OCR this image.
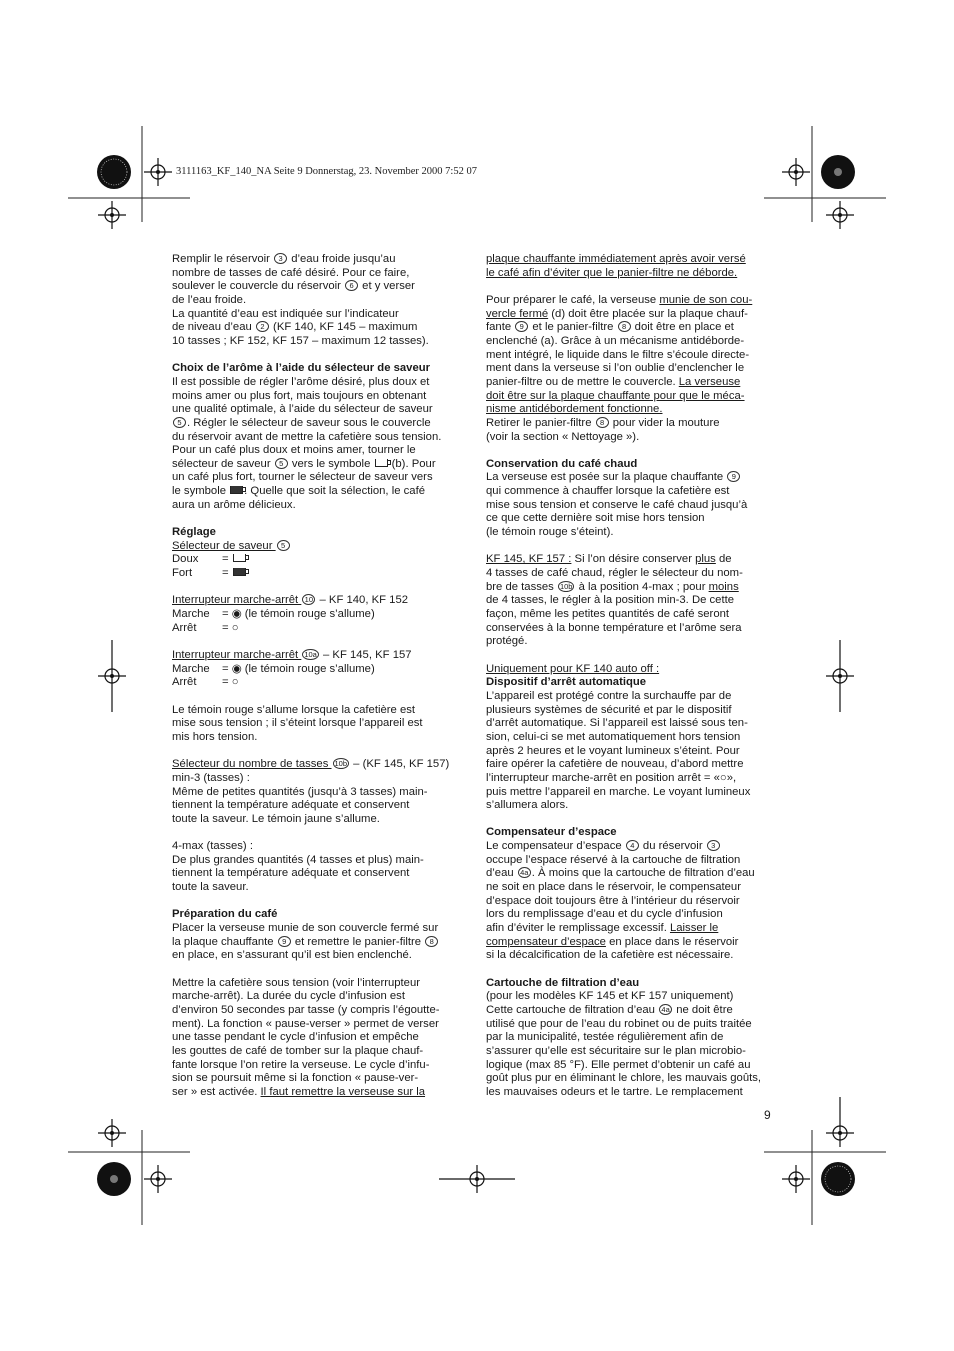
3111163_KF_140_NA Seite 9 Donnerstag, 23. November 2000 7:52 07

Remplir le réservoir 3 d’eau froide jusqu’au
nombre de tasses de café désiré. Pour ce faire,
soulever le couvercle du réservoir 6 et y verser
de l’eau froide.
La quantité d’eau est indiquée sur l’indicateur
de niveau d’eau 2 (KF 140, KF 145 – maximum
10 tasses ; KF 152, KF 157 – maximum 12 tasses).

Choix de l’arôme à l’aide du sélecteur de saveur
Il est possible de régler l’arôme désiré, plus doux et
moins amer ou plus fort, mais toujours en obtenant
une qualité optimale, à l’aide du sélecteur de saveur
5 . Régler le sélecteur de saveur sous le couvercle
du réservoir avant de mettre la cafetière sous tension.
Pour un café plus doux et moins amer, tourner le
sélecteur de saveur 5 vers le symbole  (b). Pour
un café plus fort, tourner le sélecteur de saveur vers
le symbole . Quelle que soit la sélection, le café
aura un arôme délicieux.

Réglage
Sélecteur de saveur 5
Doux =
Fort	=

Interrupteur marche-arrêt 10 – KF 140, KF 152
Marche = ◉ (le témoin rouge s’allume)
Arrêt = ○

Interrupteur marche-arrêt 10a – KF 145, KF 157
Marche = ◉ (le témoin rouge s’allume)
Arrêt = ○

Le témoin rouge s’allume lorsque la cafetière est
mise sous tension ; il s’éteint lorsque l’appareil est
mis hors tension.

Sélecteur du nombre de tasses 10b – (KF 145, KF 157)
min-3 (tasses) :
Même de petites quantités (jusqu’à 3 tasses) main-
tiennent la température adéquate et conservent
toute la saveur. Le témoin jaune s’allume.

4-max (tasses) :
De plus grandes quantités (4 tasses et plus) main-
tiennent la température adéquate et conservent
toute la saveur.

Préparation du café
Placer la verseuse munie de son couvercle fermé sur
la plaque chauffante 9 et remettre le panier-filtre 8
en place, en s’assurant qu’il est bien enclenché.

Mettre la cafetière sous tension (voir l’interrupteur
marche-arrêt). La durée du cycle d’infusion est
d’environ 50 secondes par tasse (y compris l’égoutte-
ment). La fonction « pause-verser » permet de verser
une tasse pendant le cycle d’infusion et empêche
les gouttes de café de tomber sur la plaque chauf-
fante lorsque l’on retire la verseuse. Le cycle d’infu-
sion se poursuit même si la fonction « pause-ver-
ser » est activée. Il faut remettre la verseuse sur la

plaque chauffante immédiatement après avoir versé
le café afin d’éviter que le panier-filtre ne déborde.

Pour préparer le café, la verseuse munie de son cou-
vercle fermé (d) doit être placée sur la plaque chauf-
fante 9 et le panier-filtre 8 doit être en place et
enclenché (a). Grâce à un mécanisme antidéborde-
ment intégré, le liquide dans le filtre s’écoule directe-
ment dans la verseuse si l’on oublie d’enclencher le
panier-filtre ou de mettre le couvercle. La verseuse
doit être sur la plaque chauffante pour que le méca-
nisme antidébordement fonctionne.
Retirer le panier-filtre 8 pour vider la mouture
(voir la section « Nettoyage »).

Conservation du café chaud
La verseuse est posée sur la plaque chauffante 9
qui commence à chauffer lorsque la cafetière est
mise sous tension et conserve le café chaud jusqu’à
ce que cette dernière soit mise hors tension
(le témoin rouge s’éteint).

KF 145, KF 157 : Si l’on désire conserver plus de
4 tasses de café chaud, régler le sélecteur du nom-
bre de tasses 10b à la position 4-max ; pour moins
de 4 tasses, le régler à la position min-3. De cette
façon, même les petites quantités de café seront
conservées à la bonne température et l’arôme sera
protégé.

Uniquement pour KF 140 auto off :
Dispositif d’arrêt automatique
L’appareil est protégé contre la surchauffe par de
plusieurs systèmes de sécurité et par le dispositif
d’arrêt automatique. Si l’appareil est laissé sous ten-
sion, celui-ci se met automatiquement hors tension
après 2 heures et le voyant lumineux s’éteint. Pour
faire opérer la cafetière de nouveau, d’abord mettre
l’interrupteur marche-arrêt en position arrêt = «○»,
puis mettre l’appareil en marche. Le voyant lumineux
s’allumera alors.

Compensateur d’espace
Le compensateur d’espace 4 du réservoir 3
occupe l’espace réservé à la cartouche de filtration
d’eau 4a . À moins que la cartouche de filtration d’eau
ne soit en place dans le réservoir, le compensateur
d’espace doit toujours être à l’intérieur du réservoir
lors du remplissage d’eau et du cycle d’infusion
afin d’éviter le remplissage excessif. Laisser le
compensateur d’espace en place dans le réservoir
si la décalcification de la cafetière est nécessaire.

Cartouche de filtration d’eau
(pour les modèles KF 145 et KF 157 uniquement)
Cette cartouche de filtration d’eau 4a ne doit être
utilisé que pour de l’eau du robinet ou de puits traitée
par la municipalité, testée régulièrement afin de
s’assurer qu’elle est sécuritaire sur le plan microbio-
logique (max 85 °F). Elle permet d’obtenir un café au
goût plus pur en éliminant le chlore, les mauvais goûts,
les mauvaises odeurs et le tartre. Le remplacement

9
